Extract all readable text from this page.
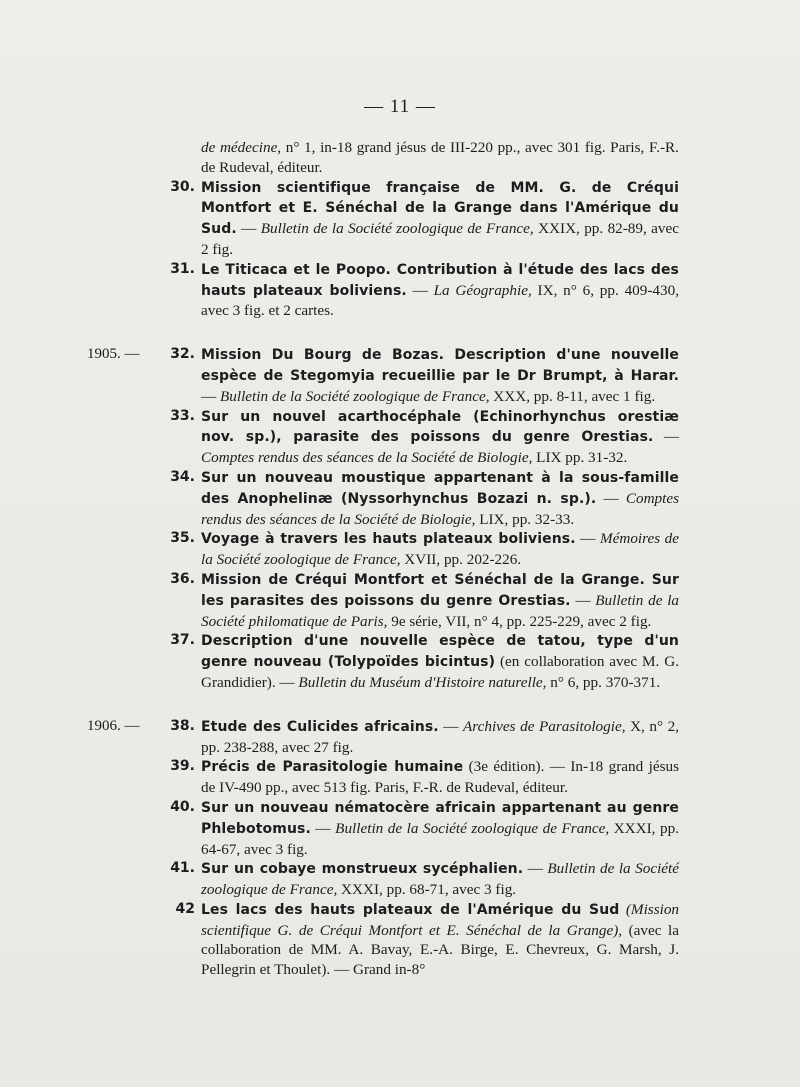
— 11 —

de médecine, n° 1, in-18 grand jésus de III-220 pp., avec 301 fig. Paris, F.-R. de Rudeval, éditeur.

30. Mission scientifique française de MM. G. de Créqui Montfort et E. Sénéchal de la Grange dans l'Amérique du Sud. — Bulletin de la Société zoologique de France, XXIX, pp. 82-89, avec 2 fig.

31. Le Titicaca et le Poopo. Contribution à l'étude des lacs des hauts plateaux boliviens. — La Géographie, IX, n° 6, pp. 409-430, avec 3 fig. et 2 cartes.

1905. —	32. Mission Du Bourg de Bozas. Description d'une nouvelle espèce de Stegomyia recueillie par le Dr Brumpt, à Harar. — Bulletin de la Société zoologique de France, XXX, pp. 8-11, avec 1 fig.

33. Sur un nouvel acarthocéphale (Echinorhynchus orestiæ nov. sp.), parasite des poissons du genre Orestias. — Comptes rendus des séances de la Société de Biologie, LIX pp. 31-32.

34. Sur un nouveau moustique appartenant à la sous-famille des Anophelinæ (Nyssorhynchus Bozazi n. sp.). — Comptes rendus des séances de la Société de Biologie, LIX, pp. 32-33.

35. Voyage à travers les hauts plateaux boliviens. — Mémoires de la Société zoologique de France, XVII, pp. 202-226.

36. Mission de Créqui Montfort et Sénéchal de la Grange. Sur les parasites des poissons du genre Orestias. — Bulletin de la Société philomatique de Paris, 9e série, VII, n° 4, pp. 225-229, avec 2 fig.

37. Description d'une nouvelle espèce de tatou, type d'un genre nouveau (Tolypoïdes bicintus) (en collaboration avec M. G. Grandidier). — Bulletin du Muséum d'Histoire naturelle, n° 6, pp. 370-371.

1906. —	38. Etude des Culicides africains. — Archives de Parasitologie, X, n° 2, pp. 238-288, avec 27 fig.

39. Précis de Parasitologie humaine (3e édition). — In-18 grand jésus de IV-490 pp., avec 513 fig. Paris, F.-R. de Rudeval, éditeur.

40. Sur un nouveau nématocère africain appartenant au genre Phlebotomus. — Bulletin de la Société zoologique de France, XXXI, pp. 64-67, avec 3 fig.

41. Sur un cobaye monstrueux sycéphalien. — Bulletin de la Société zoologique de France, XXXI, pp. 68-71, avec 3 fig.

42 Les lacs des hauts plateaux de l'Amérique du Sud (Mission scientifique G. de Créqui Montfort et E. Sénéchal de la Grange), (avec la collaboration de MM. A. Bavay, E.-A. Birge, E. Chevreux, G. Marsh, J. Pellegrin et Thoulet). — Grand in-8°
